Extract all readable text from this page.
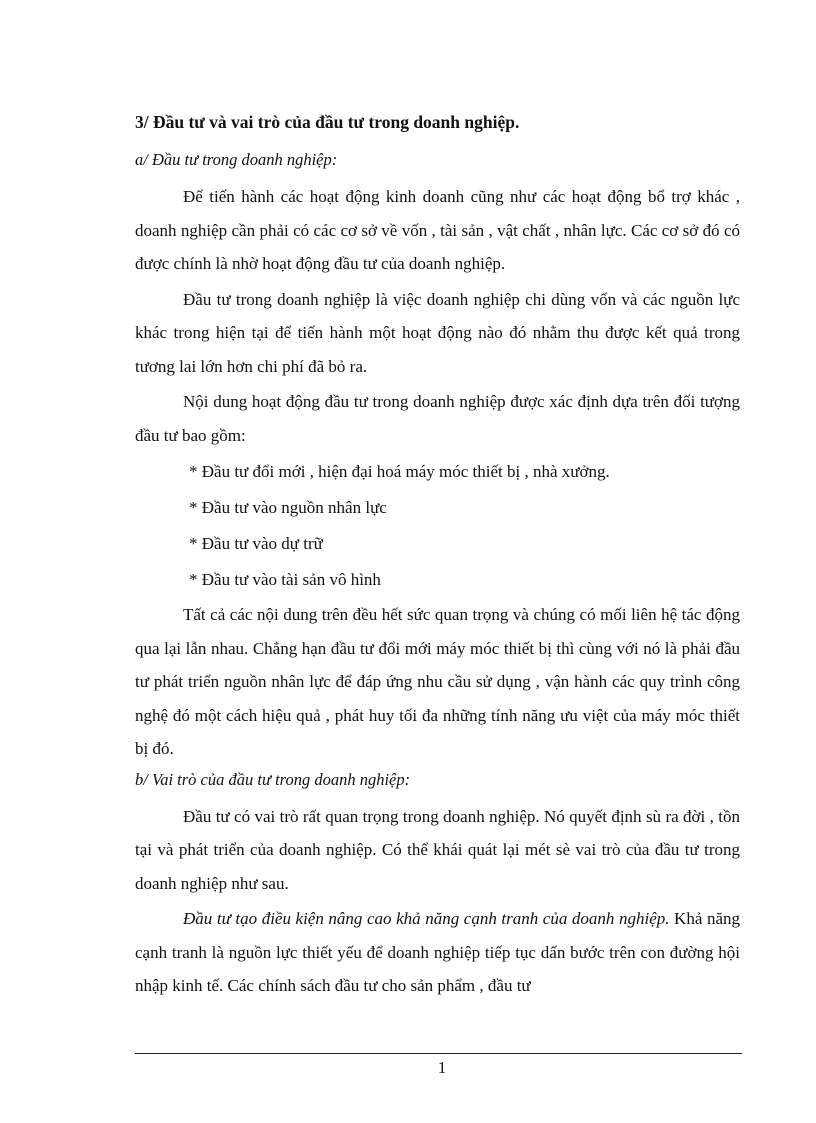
3/ Đầu tư và vai trò của đầu tư trong doanh nghiệp.

a/ Đầu tư trong doanh nghiệp:

Để tiến hành các hoạt động kinh doanh cũng như các hoạt động bổ trợ khác , doanh nghiệp cần phải có các cơ sở về vốn , tài sản , vật chất , nhân lực. Các cơ sở đó có được chính là nhờ hoạt động đầu tư của doanh nghiệp.

Đầu tư trong doanh nghiệp là việc doanh nghiệp chi dùng vốn và các nguồn lực khác trong hiện tại để tiến hành một hoạt động nào đó nhằm thu được kết quả trong tương lai lớn hơn chi phí đã bỏ ra.

Nội dung hoạt động đầu tư trong doanh nghiệp được xác định dựa trên đối tượng đầu tư bao gồm:

* Đầu tư đổi mới , hiện đại hoá máy móc thiết bị , nhà xưởng.

* Đầu tư vào nguồn nhân lực

* Đầu tư vào dự trữ

* Đầu tư vào tài sản vô hình

Tất cả các nội dung trên đều hết sức quan trọng và chúng có mối liên hệ tác động qua lại lẫn nhau. Chẳng hạn đầu tư đổi mới máy móc thiết bị thì cùng với nó là phải đầu tư phát triển nguồn nhân lực để đáp ứng nhu cầu sử dụng , vận hành các quy trình công nghệ đó một cách hiệu quả , phát huy tối đa những tính năng ưu việt của máy móc thiết bị đó.

b/ Vai trò của đầu tư trong doanh nghiệp:

Đầu tư có vai trò rất quan trọng trong doanh nghiệp. Nó quyết định sù ra đời , tồn tại và phát triển của doanh nghiệp. Có thể khái quát lại mét sè vai trò của đầu tư trong doanh nghiệp như sau.

Đầu tư tạo điều kiện nâng cao khả năng cạnh tranh của doanh nghiệp. Khả năng cạnh tranh là nguồn lực thiết yếu để doanh nghiệp tiếp tục dấn bước trên con đường hội nhập kinh tế. Các chính sách đầu tư cho sản phẩm , đầu tư

1
